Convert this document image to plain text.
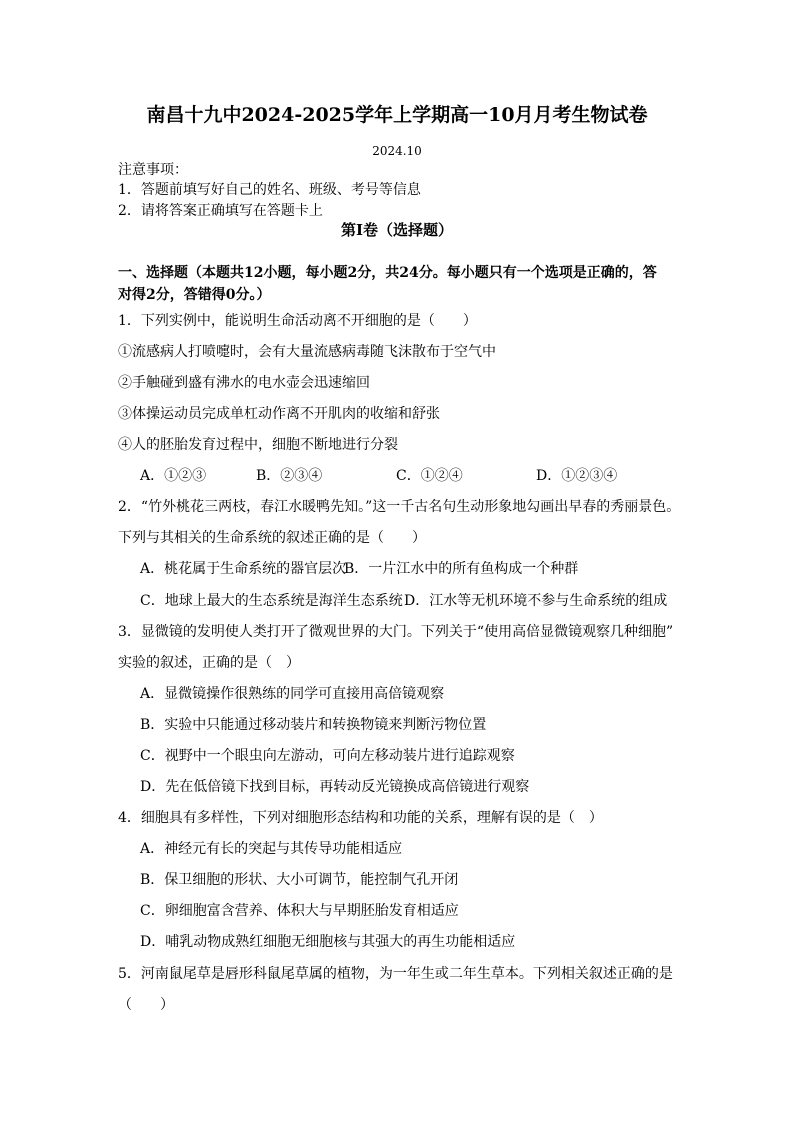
南昌十九中2024-2025学年上学期高一10月月考生物试卷
2024.10
注意事项：
1．答题前填写好自己的姓名、班级、考号等信息
2．请将答案正确填写在答题卡上
第I卷（选择题）
一、选择题（本题共12小题，每小题2分，共24分。每小题只有一个选项是正确的，答
对得2分，答错得0分。）
1．下列实例中，能说明生命活动离不开细胞的是（　　）
①流感病人打喷嚏时，会有大量流感病毒随飞沫散布于空气中
②手触碰到盛有沸水的电水壶会迅速缩回
③体操运动员完成单杠动作离不开肌肉的收缩和舒张
④人的胚胎发育过程中，细胞不断地进行分裂
A．①②③	B．②③④	C．①②④	D．①②③④
2．“竹外桃花三两枝，春江水暖鸭先知。”这一千古名句生动形象地勾画出早春的秀丽景色。
下列与其相关的生命系统的叙述正确的是（　　）
A．桃花属于生命系统的器官层次
B．一片江水中的所有鱼构成一个种群
C．地球上最大的生态系统是海洋生态系统 D．江水等无机环境不参与生命系统的组成
3．显微镜的发明使人类打开了微观世界的大门。下列关于“使用高倍显微镜观察几种细胞”
实验的叙述，正确的是（　）
A．显微镜操作很熟练的同学可直接用高倍镜观察
B．实验中只能通过移动装片和转换物镜来判断污物位置
C．视野中一个眼虫向左游动，可向左移动装片进行追踪观察
D．先在低倍镜下找到目标，再转动反光镜换成高倍镜进行观察
4．细胞具有多样性，下列对细胞形态结构和功能的关系，理解有误的是（　）
A．神经元有长的突起与其传导功能相适应
B．保卫细胞的形状、大小可调节，能控制气孔开闭
C．卵细胞富含营养、体积大与早期胚胎发育相适应
D．哺乳动物成熟红细胞无细胞核与其强大的再生功能相适应
5．河南鼠尾草是唇形科鼠尾草属的植物，为一年生或二年生草本。下列相关叙述正确的是
（　　）
